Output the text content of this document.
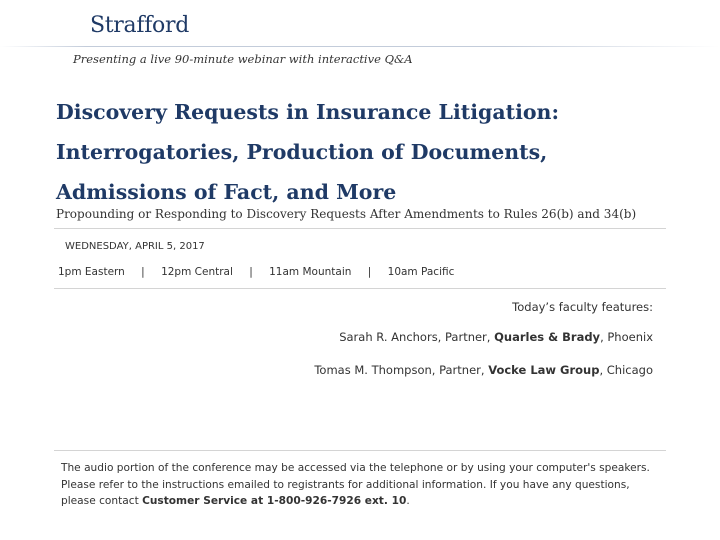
Strafford
Presenting a live 90-minute webinar with interactive Q&A
Discovery Requests in Insurance Litigation:
Interrogatories, Production of Documents,
Admissions of Fact, and More
Propounding or Responding to Discovery Requests After Amendments to Rules 26(b) and 34(b)
WEDNESDAY, APRIL 5, 2017
1pm Eastern | 12pm Central | 11am Mountain | 10am Pacific
Today’s faculty features:
Sarah R. Anchors, Partner, Quarles & Brady, Phoenix
Tomas M. Thompson, Partner, Vocke Law Group, Chicago
The audio portion of the conference may be accessed via the telephone or by using your computer's speakers. Please refer to the instructions emailed to registrants for additional information. If you have any questions, please contact Customer Service at 1-800-926-7926 ext. 10.
